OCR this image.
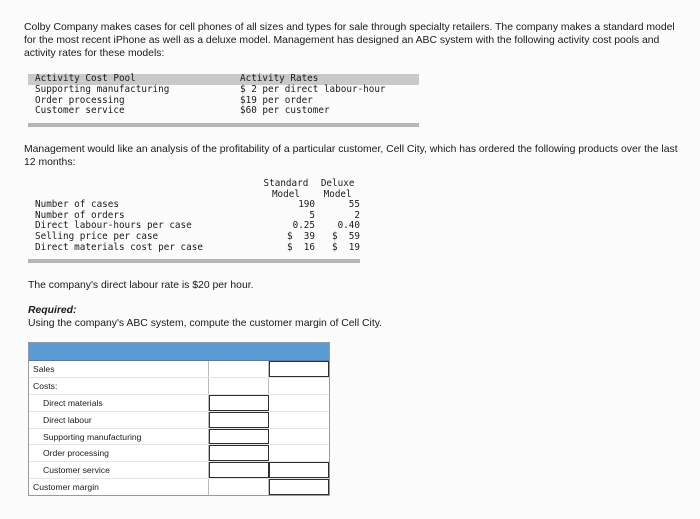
Colby Company makes cases for cell phones of all sizes and types for sale through specialty retailers. The company makes a standard model for the most recent iPhone as well as a deluxe model. Management has designed an ABC system with the following activity cost pools and activity rates for these models:
Activity Cost Pool	Activity Rates
Supporting manufacturing	$ 2 per direct labour-hour
Order processing	$19 per order
Customer service	$60 per customer
Management would like an analysis of the profitability of a particular customer, Cell City, which has ordered the following products over the last 12 months:
Standard	Deluxe
Model	Model
Number of cases	190	55
Number of orders	5	2
Direct labour-hours per case	0.25	0.40
Selling price per case	$  39	$  59
Direct materials cost per case	$  16	$  19
The company's direct labour rate is $20 per hour.
Required:
Using the company's ABC system, compute the customer margin of Cell City.
Sales
Costs:
Direct materials
Direct labour
Supporting manufacturing
Order processing
Customer service
Customer margin
